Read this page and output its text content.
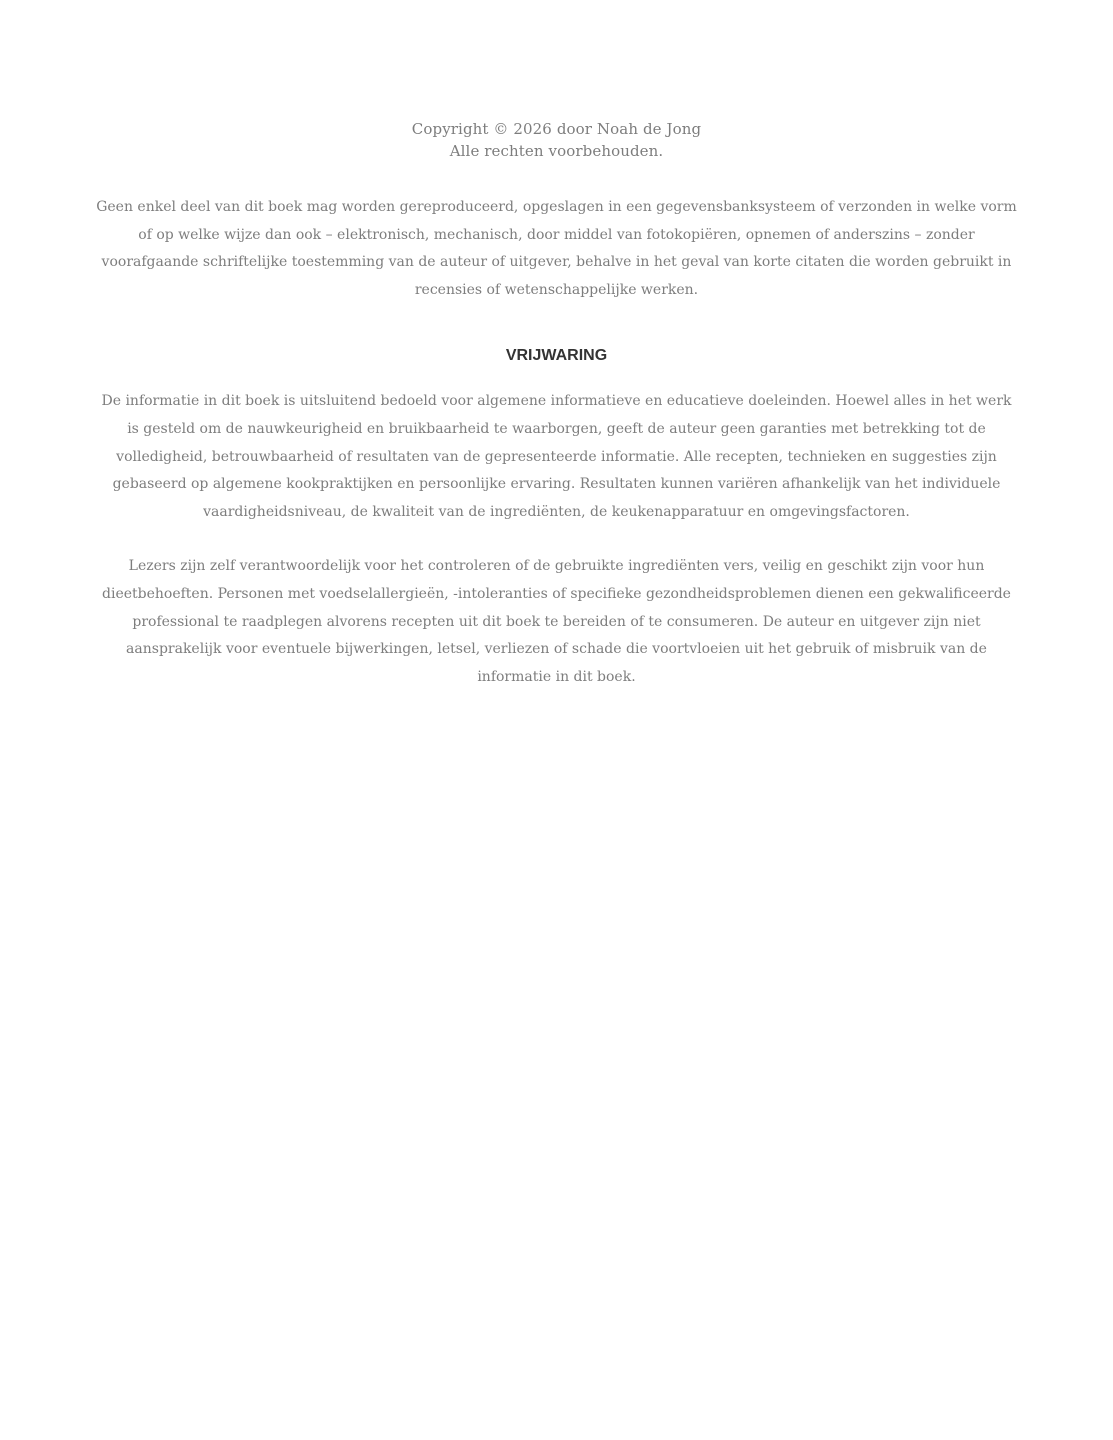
Copyright © 2026 door Noah de Jong
Alle rechten voorbehouden.

Geen enkel deel van dit boek mag worden gereproduceerd, opgeslagen in een gegevensbanksysteem of verzonden in welke vorm of op welke wijze dan ook – elektronisch, mechanisch, door middel van fotokopiëren, opnemen of anderszins – zonder voorafgaande schriftelijke toestemming van de auteur of uitgever, behalve in het geval van korte citaten die worden gebruikt in recensies of wetenschappelijke werken.

VRIJWARING

De informatie in dit boek is uitsluitend bedoeld voor algemene informatieve en educatieve doeleinden. Hoewel alles in het werk is gesteld om de nauwkeurigheid en bruikbaarheid te waarborgen, geeft de auteur geen garanties met betrekking tot de volledigheid, betrouwbaarheid of resultaten van de gepresenteerde informatie. Alle recepten, technieken en suggesties zijn gebaseerd op algemene kookpraktijken en persoonlijke ervaring. Resultaten kunnen variëren afhankelijk van het individuele vaardigheidsniveau, de kwaliteit van de ingrediënten, de keukenapparatuur en omgevingsfactoren.

Lezers zijn zelf verantwoordelijk voor het controleren of de gebruikte ingrediënten vers, veilig en geschikt zijn voor hun dieetbehoeften. Personen met voedselallergieën, -intoleranties of specifieke gezondheidsproblemen dienen een gekwalificeerde professional te raadplegen alvorens recepten uit dit boek te bereiden of te consumeren. De auteur en uitgever zijn niet aansprakelijk voor eventuele bijwerkingen, letsel, verliezen of schade die voortvloeien uit het gebruik of misbruik van de informatie in dit boek.
